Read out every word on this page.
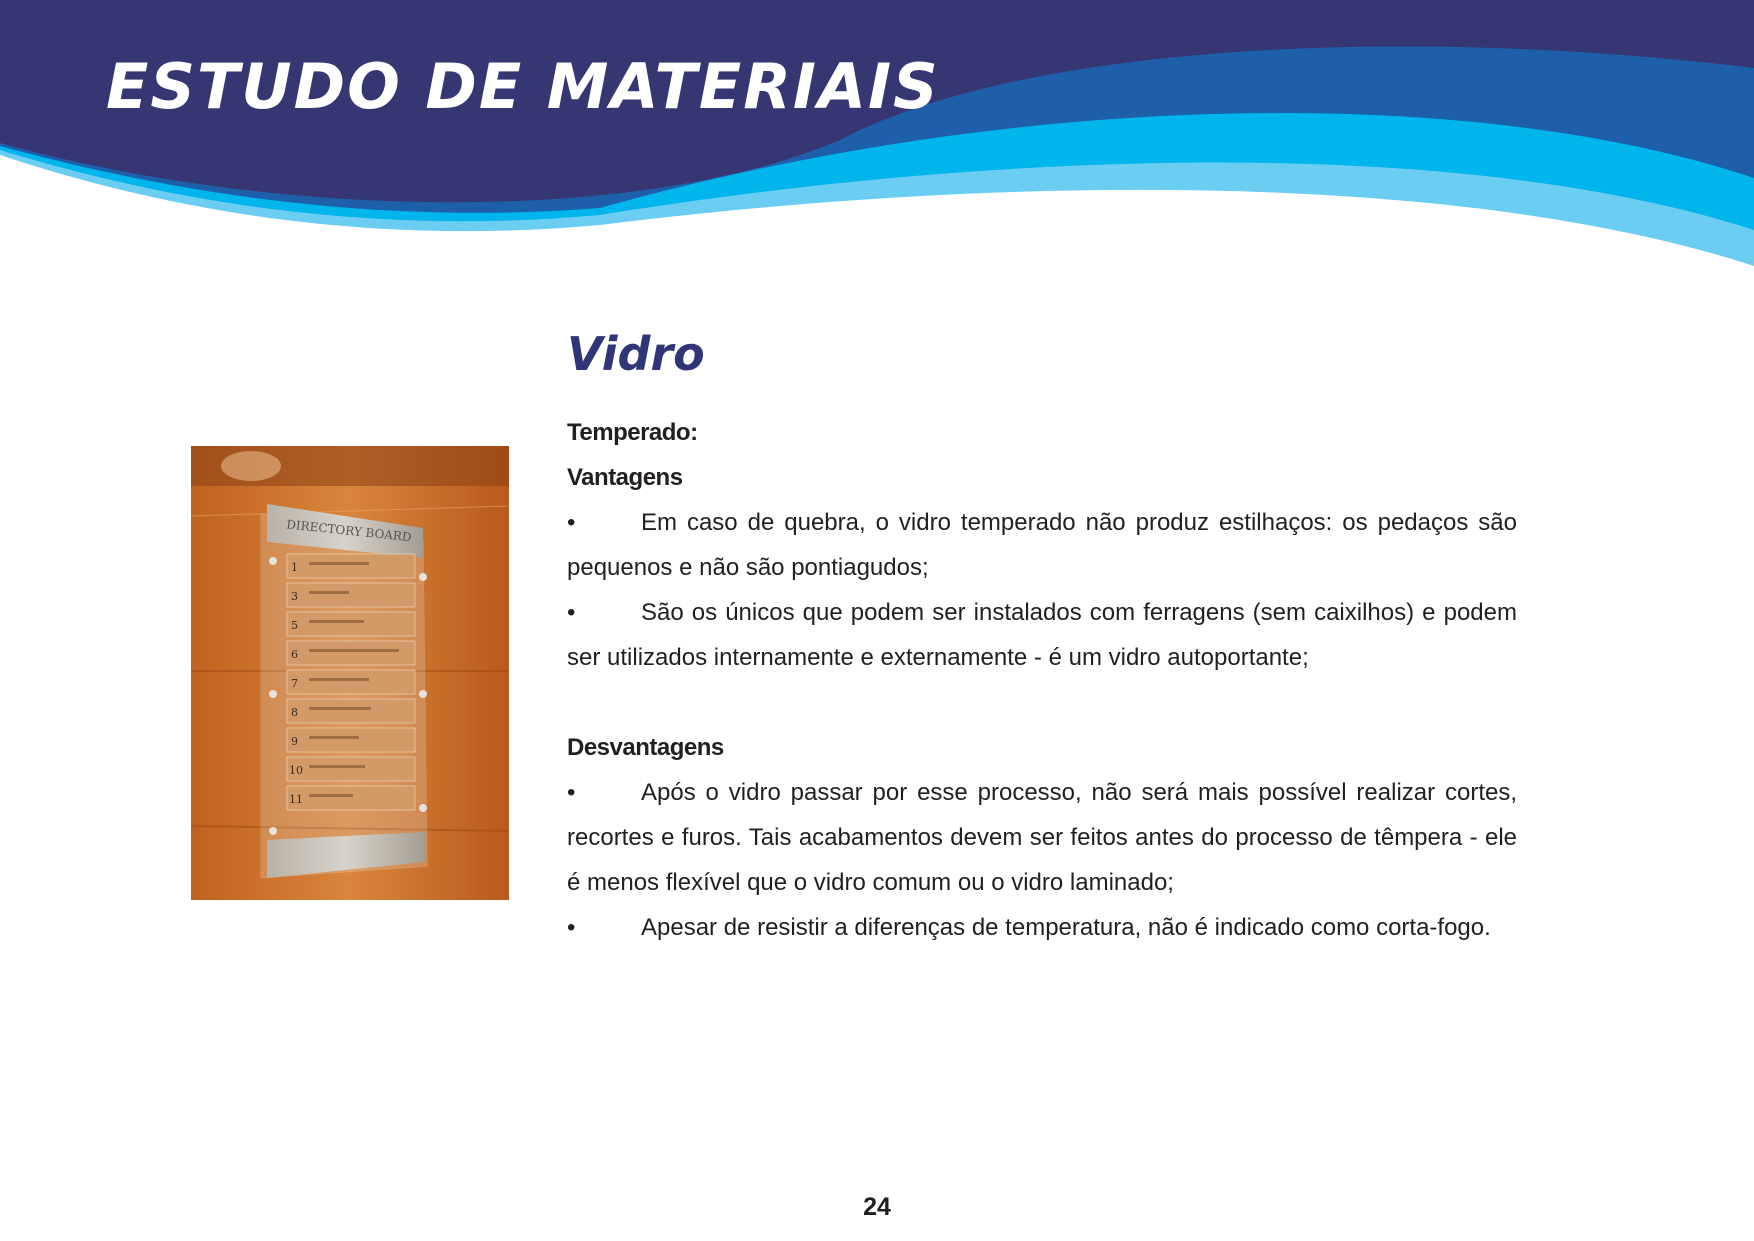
ESTUDO DE MATERIAIS
DIRECTORY BOARD
1
3
5
6
7
8
9
10
11
Vidro

Temperado:

Vantagens

•	Em caso de quebra, o vidro temperado não produz estilhaços: os pedaços são pequenos e não são pontiagudos;

•	São os únicos que podem ser instalados com ferragens (sem caixilhos) e podem ser utilizados internamente e externamente - é um vidro autoportante;

Desvantagens

•	Após o vidro passar por esse processo, não será mais possível realizar cortes, recortes e furos. Tais acabamentos devem ser feitos antes do processo de têmpera - ele é menos flexível que o vidro comum ou o vidro laminado;

•	Apesar de resistir a diferenças de temperatura, não é indicado como corta-fogo.

24
